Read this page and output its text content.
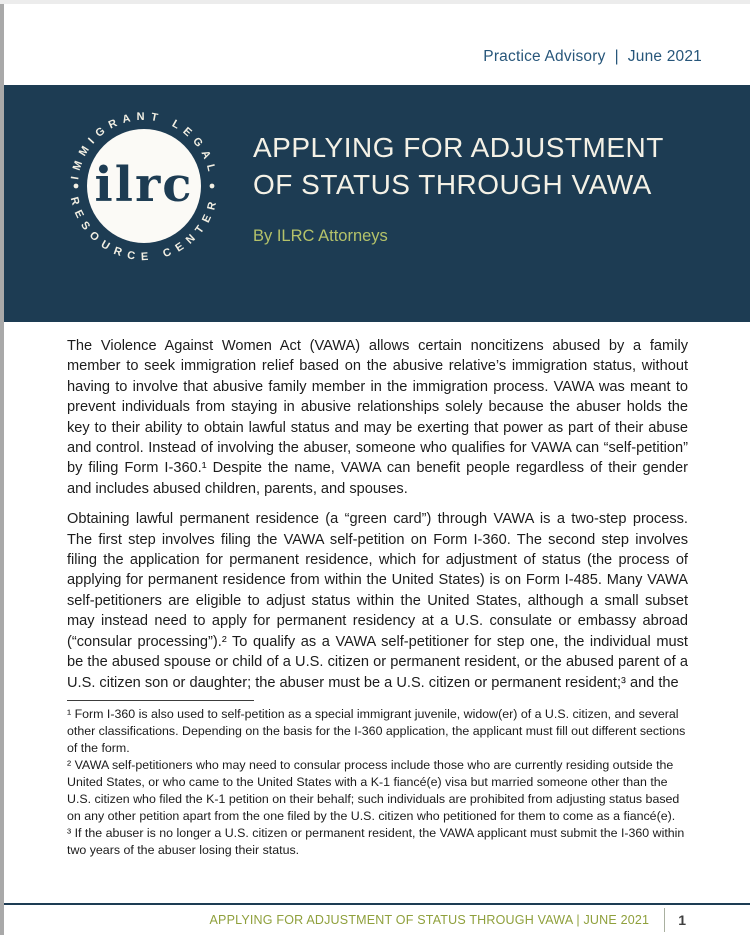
Practice Advisory | June 2021
IMMIGRANT LEGAL
RESOURCE CENTER
ilrc
APPLYING FOR ADJUSTMENT
OF STATUS THROUGH VAWA
By ILRC Attorneys

The Violence Against Women Act (VAWA) allows certain noncitizens abused by a family member to seek immigration relief based on the abusive relative’s immigration status, without having to involve that abusive family member in the immigration process. VAWA was meant to prevent individuals from staying in abusive relationships solely because the abuser holds the key to their ability to obtain lawful status and may be exerting that power as part of their abuse and control. Instead of involving the abuser, someone who qualifies for VAWA can “self-petition” by filing Form I-360.¹ Despite the name, VAWA can benefit people regardless of their gender and includes abused children, parents, and spouses.

Obtaining lawful permanent residence (a “green card”) through VAWA is a two-step process. The first step involves filing the VAWA self-petition on Form I-360. The second step involves filing the application for permanent residence, which for adjustment of status (the process of applying for permanent residence from within the United States) is on Form I-485. Many VAWA self-petitioners are eligible to adjust status within the United States, although a small subset may instead need to apply for permanent residency at a U.S. consulate or embassy abroad (“consular processing”).² To qualify as a VAWA self-petitioner for step one, the individual must be the abused spouse or child of a U.S. citizen or permanent resident, or the abused parent of a U.S. citizen son or daughter; the abuser must be a U.S. citizen or permanent resident;³ and the

¹ Form I-360 is also used to self-petition as a special immigrant juvenile, widow(er) of a U.S. citizen, and several other classifications. Depending on the basis for the I-360 application, the applicant must fill out different sections of the form.

² VAWA self-petitioners who may need to consular process include those who are currently residing outside the United States, or who came to the United States with a K-1 fiancé(e) visa but married someone other than the U.S. citizen who filed the K-1 petition on their behalf; such individuals are prohibited from adjusting status based on any other petition apart from the one filed by the U.S. citizen who petitioned for them to come as a fiancé(e).

³ If the abuser is no longer a U.S. citizen or permanent resident, the VAWA applicant must submit the I-360 within two years of the abuser losing their status.

APPLYING FOR ADJUSTMENT OF STATUS THROUGH VAWA | JUNE 2021 1
